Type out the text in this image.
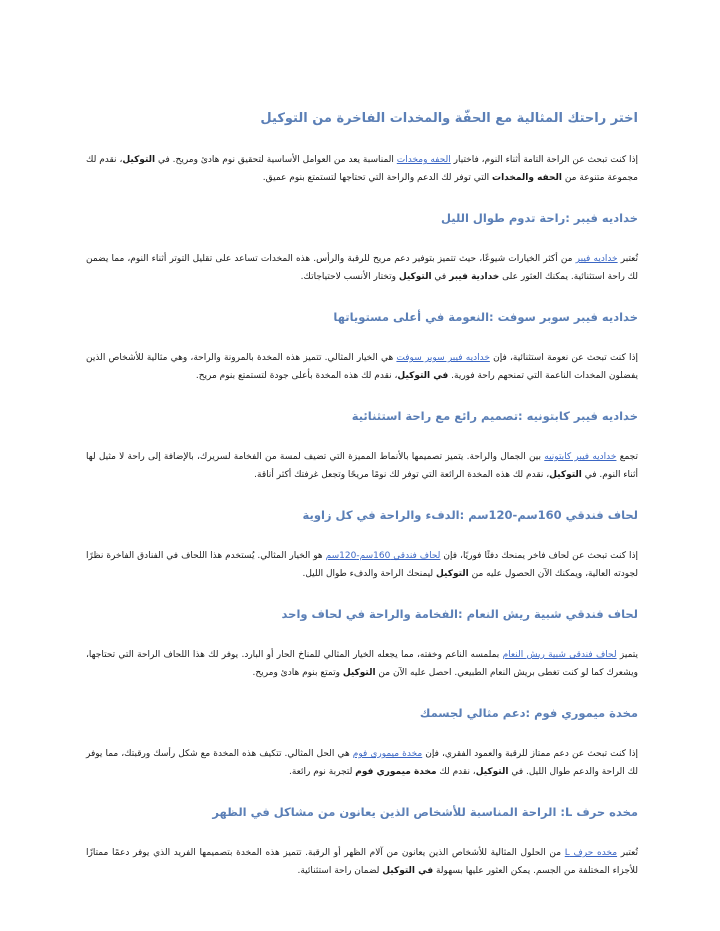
اختر راحتك المثالية مع الحفّة والمخدات الفاخرة من التوكيل

إذا كنت تبحث عن الراحة التامة أثناء النوم، فاختيار الحفه ومخدات المناسبة يعد من العوامل الأساسية لتحقيق نوم هادئ ومريح. في التوكيل، نقدم لك مجموعة متنوعة من الحفه والمخدات التي توفر لك الدعم والراحة التي تحتاجها لتستمتع بنوم عميق.

خداديه فيبر :راحة تدوم طوال الليل

تُعتبر خداديه فيبر من أكثر الخيارات شيوعًا، حيث تتميز بتوفير دعم مريح للرقبة والرأس. هذه المخدات تساعد على تقليل التوتر أثناء النوم، مما يضمن لك راحة استثنائية. يمكنك العثور على خدادية فيبر في التوكيل وتختار الأنسب لاحتياجاتك.

خداديه فيبر سوبر سوفت :النعومة في أعلى مستوياتها

إذا كنت تبحث عن نعومة استثنائية، فإن خداديه فيبر سوبر سوفت هي الخيار المثالي. تتميز هذه المخدة بالمرونة والراحة، وهي مثالية للأشخاص الذين يفضلون المخدات الناعمة التي تمنحهم راحة فورية. في التوكيل، نقدم لك هذه المخدة بأعلى جودة لتستمتع بنوم مريح.

خداديه فيبر كابتونيه :تصميم رائع مع راحة استثنائية

تجمع خداديه فيبر كابتونيه بين الجمال والراحة. يتميز تصميمها بالأنماط المميزة التي تضيف لمسة من الفخامة لسريرك، بالإضافة إلى راحة لا مثيل لها أثناء النوم. في التوكيل، نقدم لك هذه المخدة الرائعة التي توفر لك نومًا مريحًا وتجعل غرفتك أكثر أناقة.

لحاف فندقي 160سم-120سم :الدفء والراحة في كل زاوية

إذا كنت تبحث عن لحاف فاخر يمنحك دفئًا فوريًا، فإن لحاف فندقي 160سم-120سم هو الخيار المثالي. يُستخدم هذا اللحاف في الفنادق الفاخرة نظرًا لجودته العالية، ويمكنك الآن الحصول عليه من التوكيل ليمنحك الراحة والدفء طوال الليل.

لحاف فندقي شبية ريش النعام :الفخامة والراحة في لحاف واحد

يتميز لحاف فندقي شبية ريش النعام بملمسه الناعم وخفته، مما يجعله الخيار المثالي للمناخ الحار أو البارد. يوفر لك هذا اللحاف الراحة التي تحتاجها، ويشعرك كما لو كنت تغطى بريش النعام الطبيعي. احصل عليه الآن من التوكيل وتمتع بنوم هادئ ومريح.

مخدة ميموري فوم :دعم مثالي لجسمك

إذا كنت تبحث عن دعم ممتاز للرقبة والعمود الفقري، فإن مخدة ميموري فوم هي الحل المثالي. تتكيف هذه المخدة مع شكل رأسك ورقبتك، مما يوفر لك الراحة والدعم طوال الليل. في التوكيل، نقدم لك مخدة ميموري فوم لتجربة نوم رائعة.

مخده حرف L: الراحة المناسبة للأشخاص الذين يعانون من مشاكل في الظهر

تُعتبر مخده حرف L من الحلول المثالية للأشخاص الذين يعانون من آلام الظهر أو الرقبة. تتميز هذه المخدة بتصميمها الفريد الذي يوفر دعمًا ممتازًا للأجزاء المختلفة من الجسم. يمكن العثور عليها بسهولة في التوكيل لضمان راحة استثنائية.
